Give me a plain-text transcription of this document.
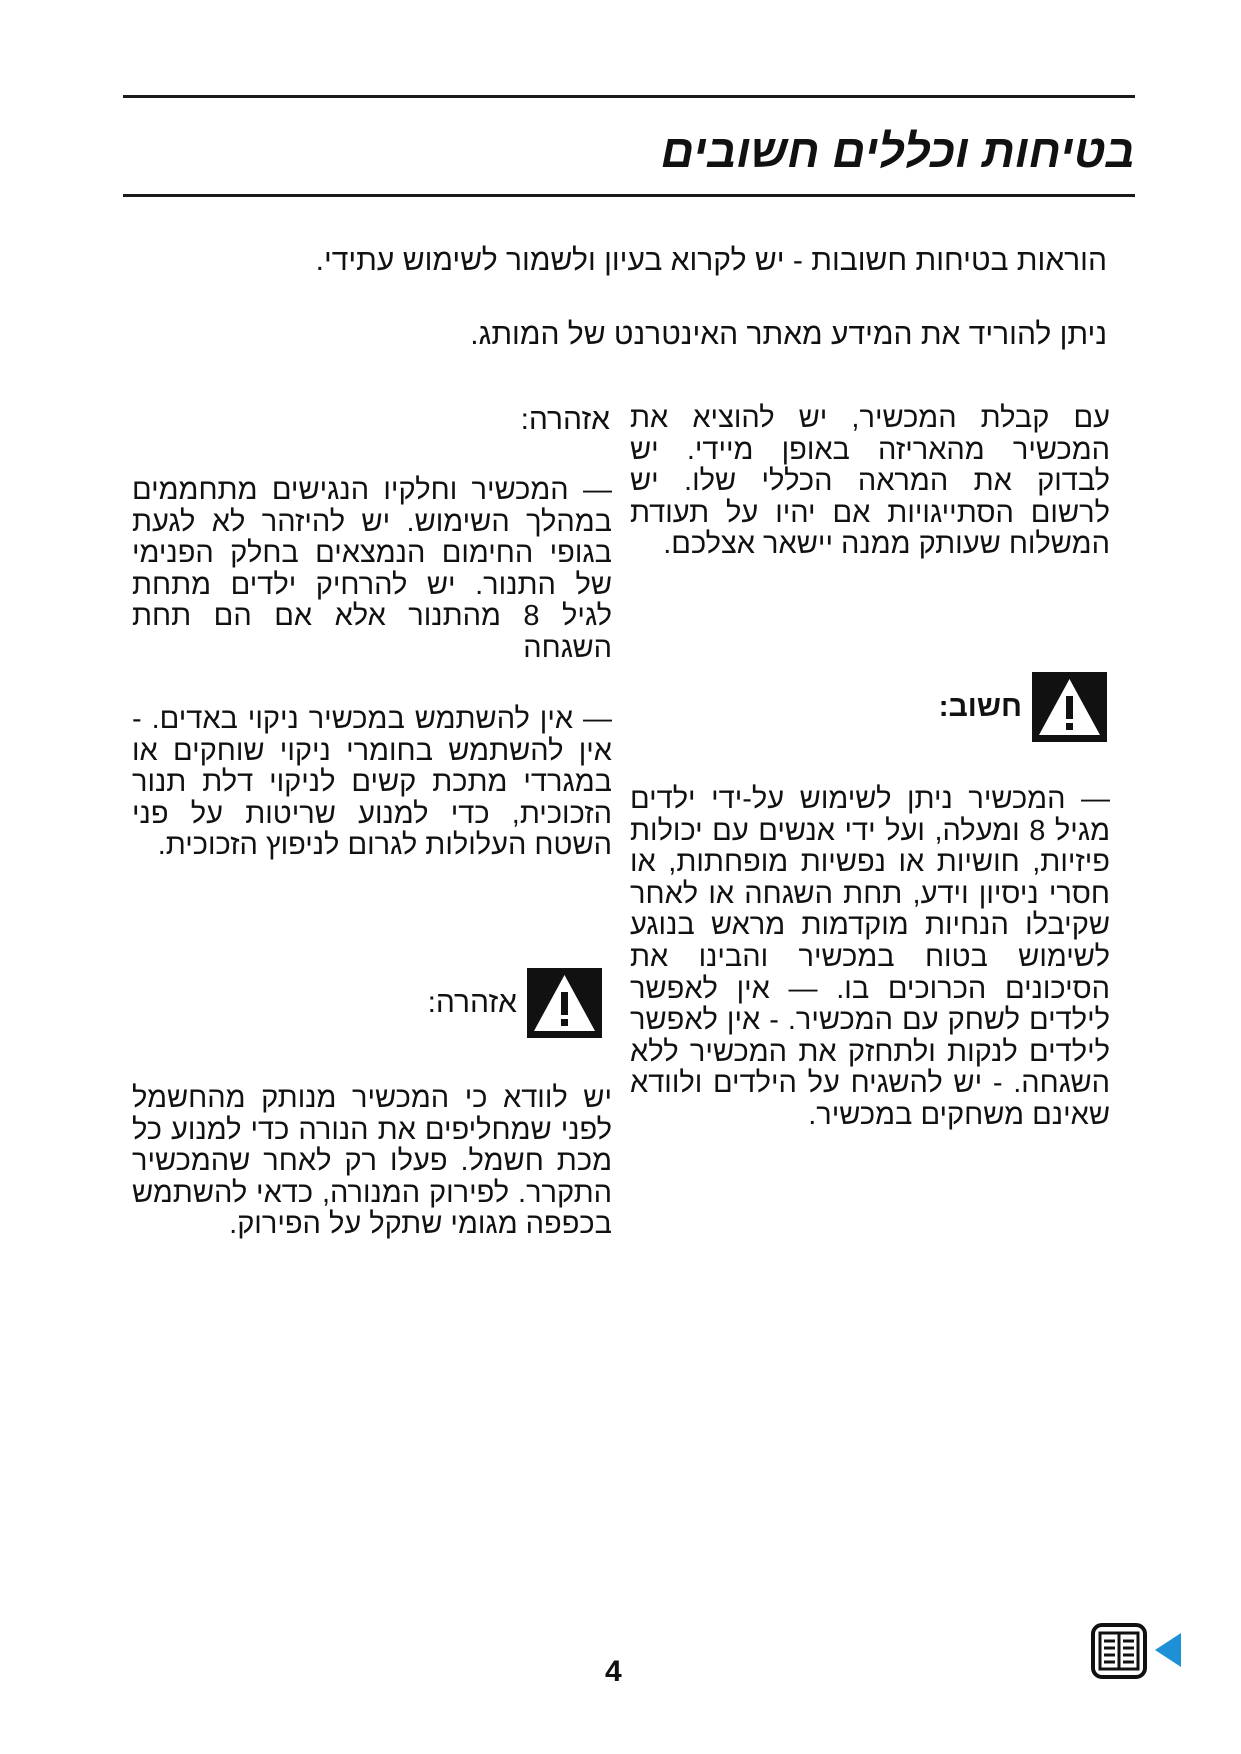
בטיחות וכללים חשובים
הוראות בטיחות חשובות - יש לקרוא בעיון ולשמור לשימוש עתידי.
ניתן להוריד את המידע מאתר האינטרנט של המותג.
עם קבלת המכשיר, יש להוציא את המכשיר מהאריזה באופן מיידי. יש לבדוק את המראה הכללי שלו. יש לרשום הסתייגויות אם יהיו על תעודת המשלוח שעותק ממנה יישאר אצלכם.
חשוב:
— המכשיר ניתן לשימוש על-ידי ילדים מגיל 8 ומעלה, ועל ידי אנשים עם יכולות פיזיות, חושיות או נפשיות מופחתות, או חסרי ניסיון וידע, תחת השגחה או לאחר שקיבלו הנחיות מוקדמות מראש בנוגע לשימוש בטוח במכשיר והבינו את הסיכונים הכרוכים בו. — אין לאפשר לילדים לשחק עם המכשיר. - אין לאפשר לילדים לנקות ולתחזק את המכשיר ללא השגחה. - יש להשגיח על הילדים ולוודא שאינם משחקים במכשיר.
אזהרה:
— המכשיר וחלקיו הנגישים מתחממים במהלך השימוש. יש להיזהר לא לגעת בגופי החימום הנמצאים בחלק הפנימי של התנור. יש להרחיק ילדים מתחת לגיל 8 מהתנור אלא אם הם תחת השגחה
— אין להשתמש במכשיר ניקוי באדים. - אין להשתמש בחומרי ניקוי שוחקים או במגרדי מתכת קשים לניקוי דלת תנור הזכוכית, כדי למנוע שריטות על פני השטח העלולות לגרום לניפוץ הזכוכית.
אזהרה:
יש לוודא כי המכשיר מנותק מהחשמל לפני שמחליפים את הנורה כדי למנוע כל מכת חשמל. פעלו רק לאחר שהמכשיר התקרר. לפירוק המנורה, כדאי להשתמש בכפפה מגומי שתקל על הפירוק.
4
